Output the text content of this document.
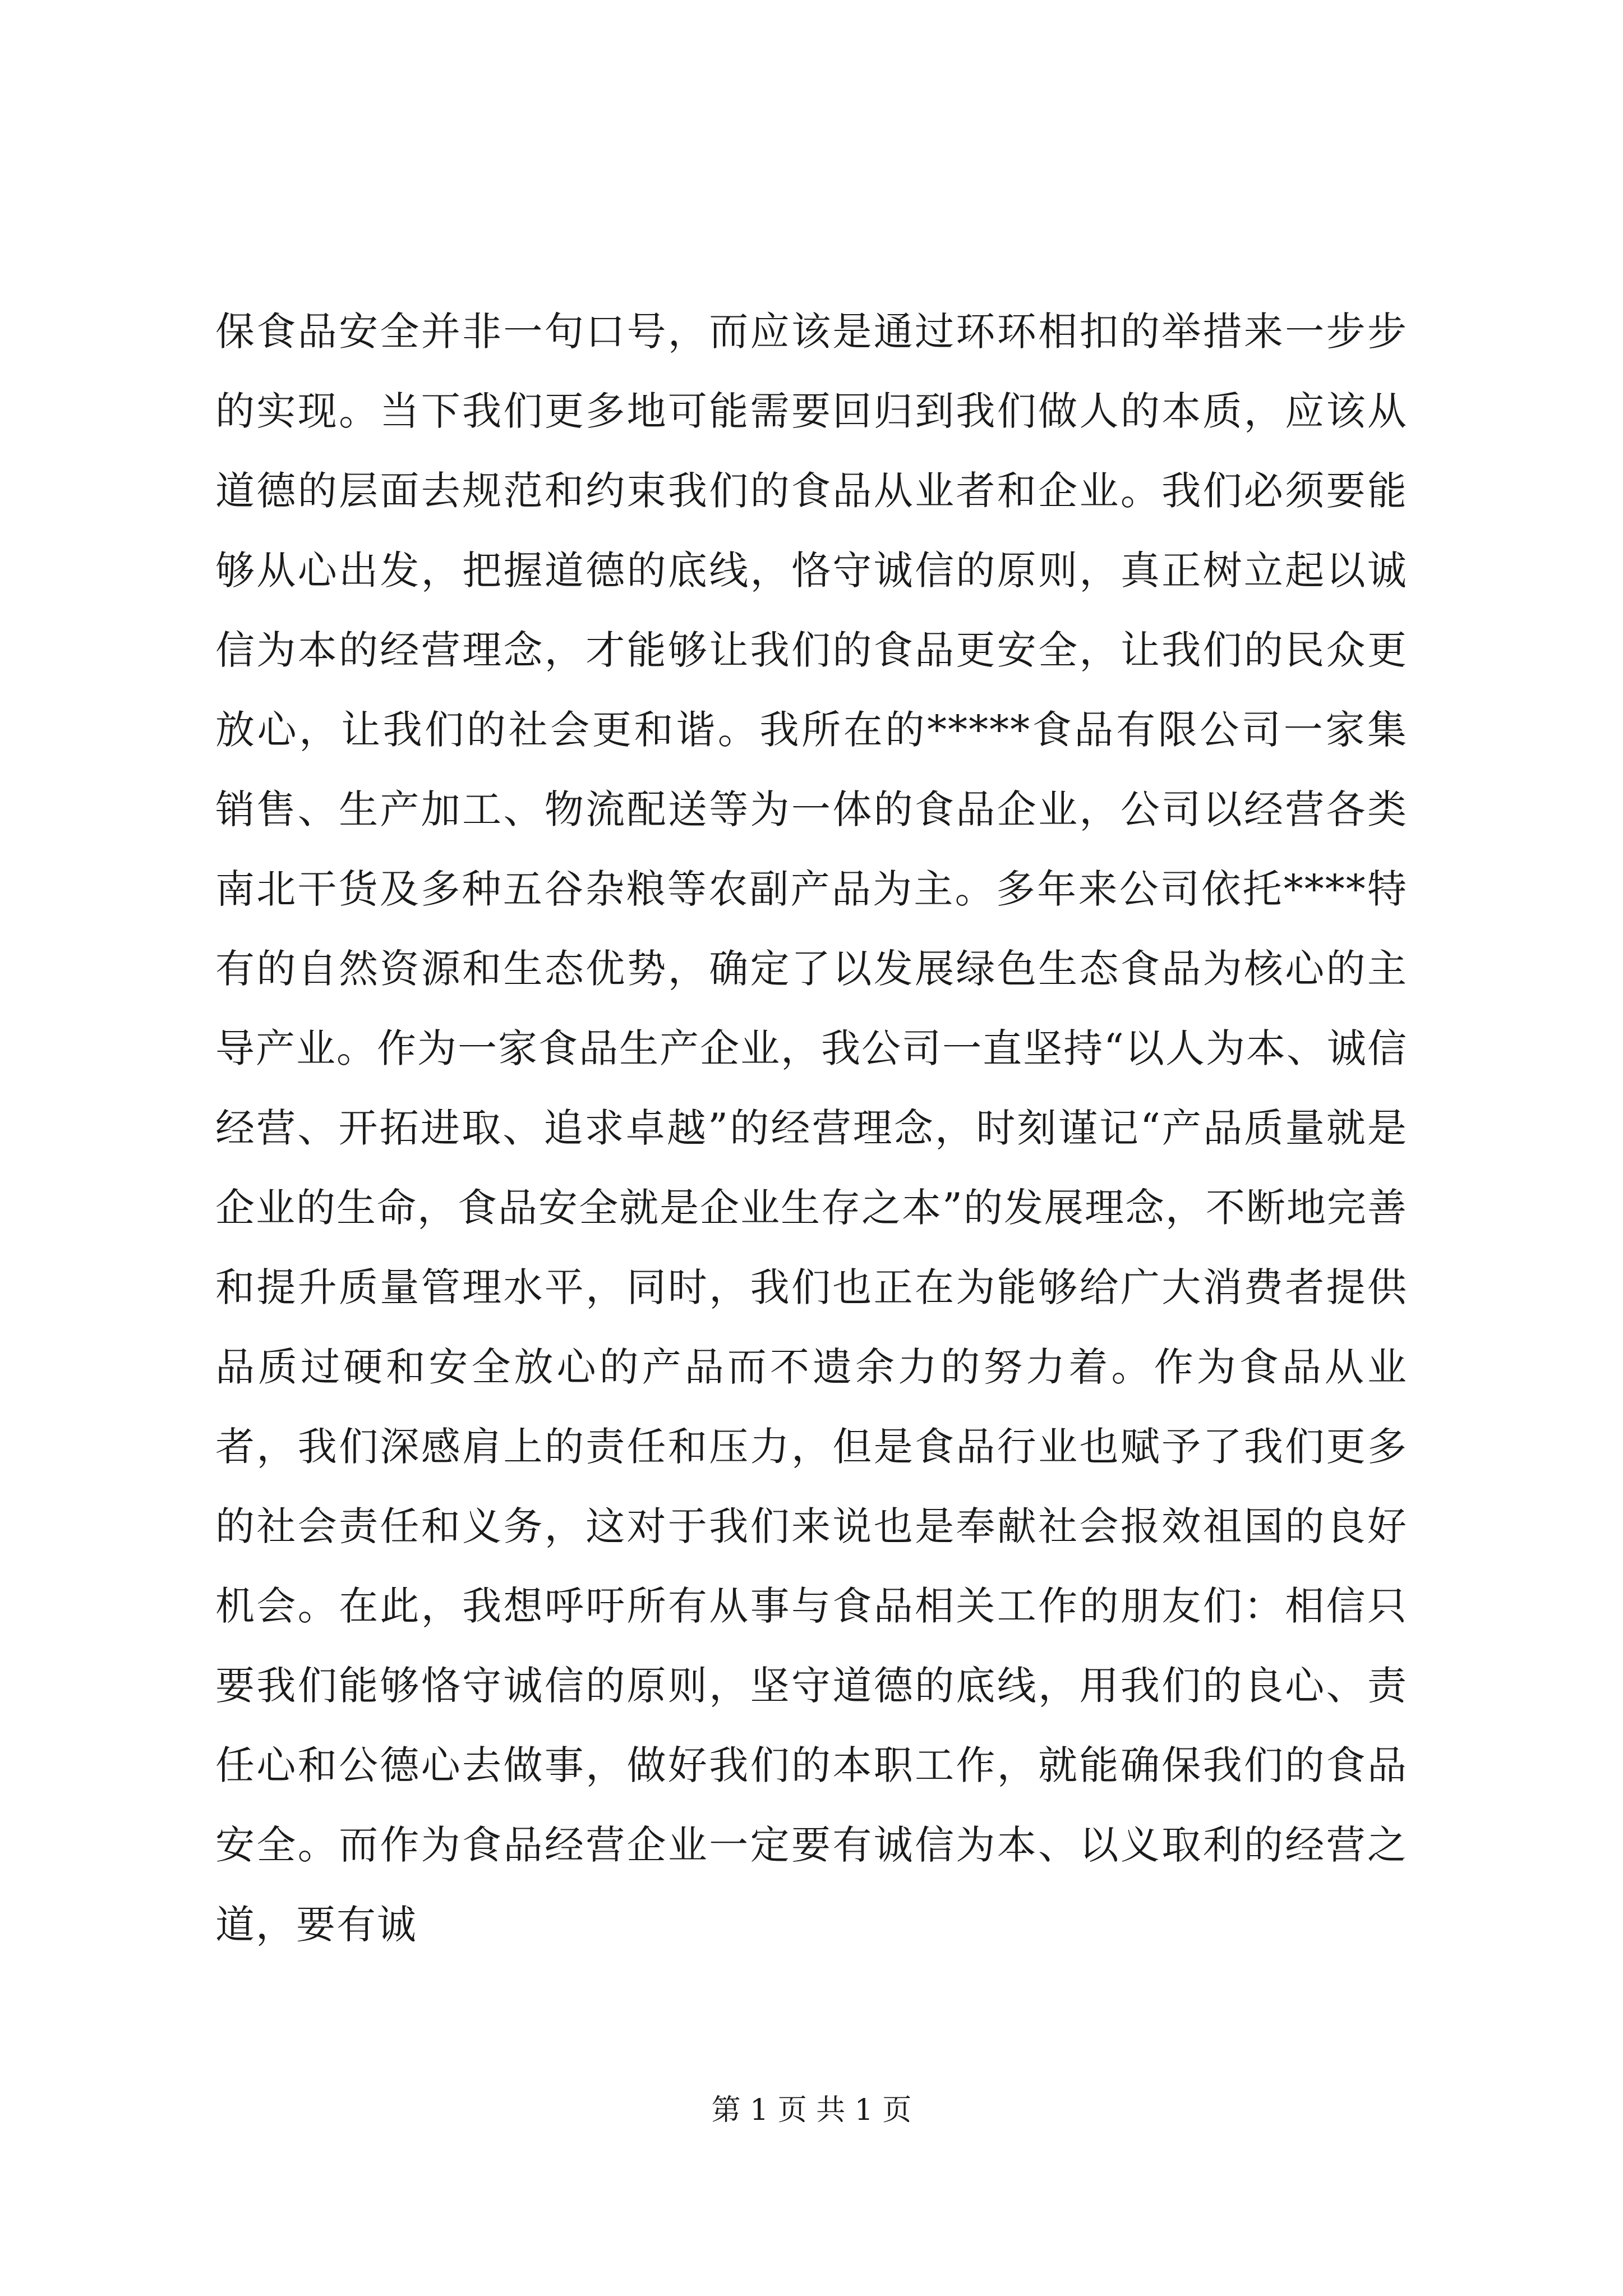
保食品安全并非一句口号，而应该是通过环环相扣的举措来一步步的实现。当下我们更多地可能需要回归到我们做人的本质，应该从道德的层面去规范和约束我们的食品从业者和企业。我们必须要能够从心出发，把握道德的底线，恪守诚信的原则，真正树立起以诚信为本的经营理念，才能够让我们的食品更安全，让我们的民众更放心，让我们的社会更和谐。我所在的*****食品有限公司一家集销售、生产加工、物流配送等为一体的食品企业，公司以经营各类南北干货及多种五谷杂粮等农副产品为主。多年来公司依托****特有的自然资源和生态优势，确定了以发展绿色生态食品为核心的主导产业。作为一家食品生产企业，我公司一直坚持“以人为本、诚信经营、开拓进取、追求卓越”的经营理念，时刻谨记“产品质量就是企业的生命，食品安全就是企业生存之本”的发展理念，不断地完善和提升质量管理水平，同时，我们也正在为能够给广大消费者提供品质过硬和安全放心的产品而不遗余力的努力着。作为食品从业者，我们深感肩上的责任和压力，但是食品行业也赋予了我们更多的社会责任和义务，这对于我们来说也是奉献社会报效祖国的良好机会。在此，我想呼吁所有从事与食品相关工作的朋友们：相信只要我们能够恪守诚信的原则，坚守道德的底线，用我们的良心、责任心和公德心去做事，做好我们的本职工作，就能确保我们的食品安全。而作为食品经营企业一定要有诚信为本、以义取利的经营之道，要有诚

第 1 页 共 1 页
